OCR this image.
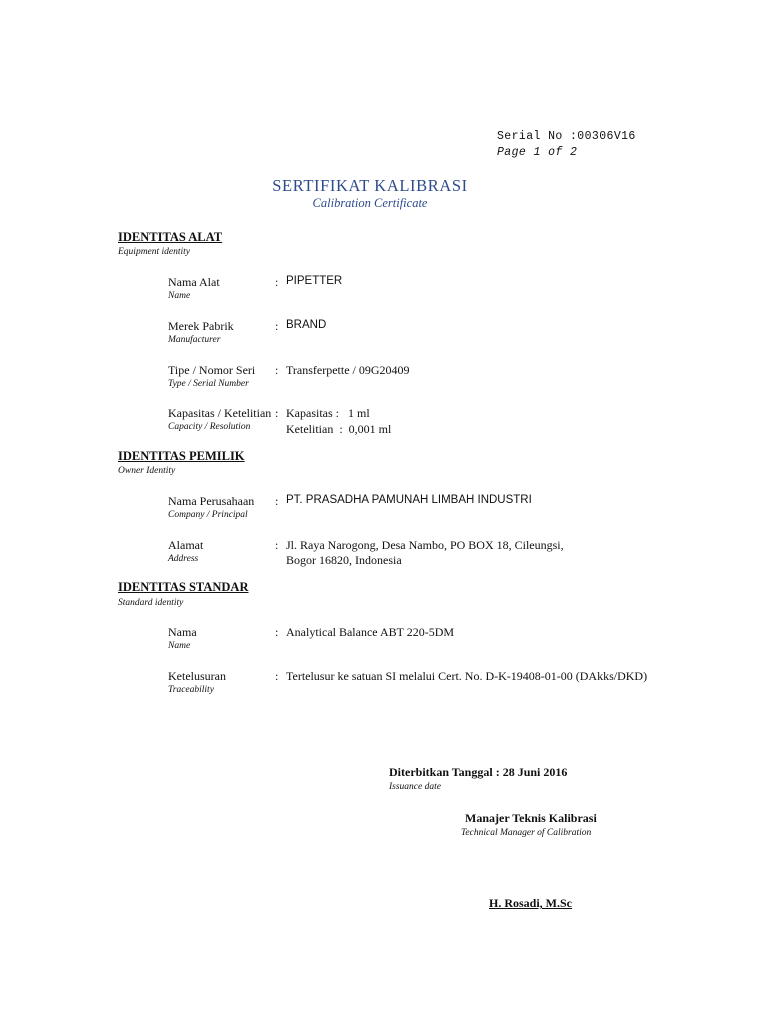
Serial No :00306V16
Page 1 of 2
SERTIFIKAT KALIBRASI
Calibration Certificate
IDENTITAS ALAT
Equipment identity
Nama Alat
Name
: PIPETTER
Merek Pabrik
Manufacturer
: BRAND
Tipe / Nomor Seri
Type / Serial Number
: Transferpette / 09G20409
Kapasitas / Ketelitian
Capacity / Resolution
: Kapasitas :   1 ml
Ketelitian  :  0,001 ml
IDENTITAS PEMILIK
Owner Identity
Nama Perusahaan
Company / Principal
: PT. PRASADHA PAMUNAH LIMBAH INDUSTRI
Alamat
Address
: Jl. Raya Narogong, Desa Nambo, PO BOX 18, Cileungsi,
Bogor 16820, Indonesia
IDENTITAS STANDAR
Standard identity
Nama
Name
: Analytical Balance ABT 220-5DM
Ketelusuran
Traceability
: Tertelusur ke satuan SI melalui Cert. No. D-K-19408-01-00 (DAkks/DKD)
Diterbitkan Tanggal : 28 Juni 2016
Issuance date
Manajer Teknis Kalibrasi
Technical Manager of Calibration
H. Rosadi, M.Sc
